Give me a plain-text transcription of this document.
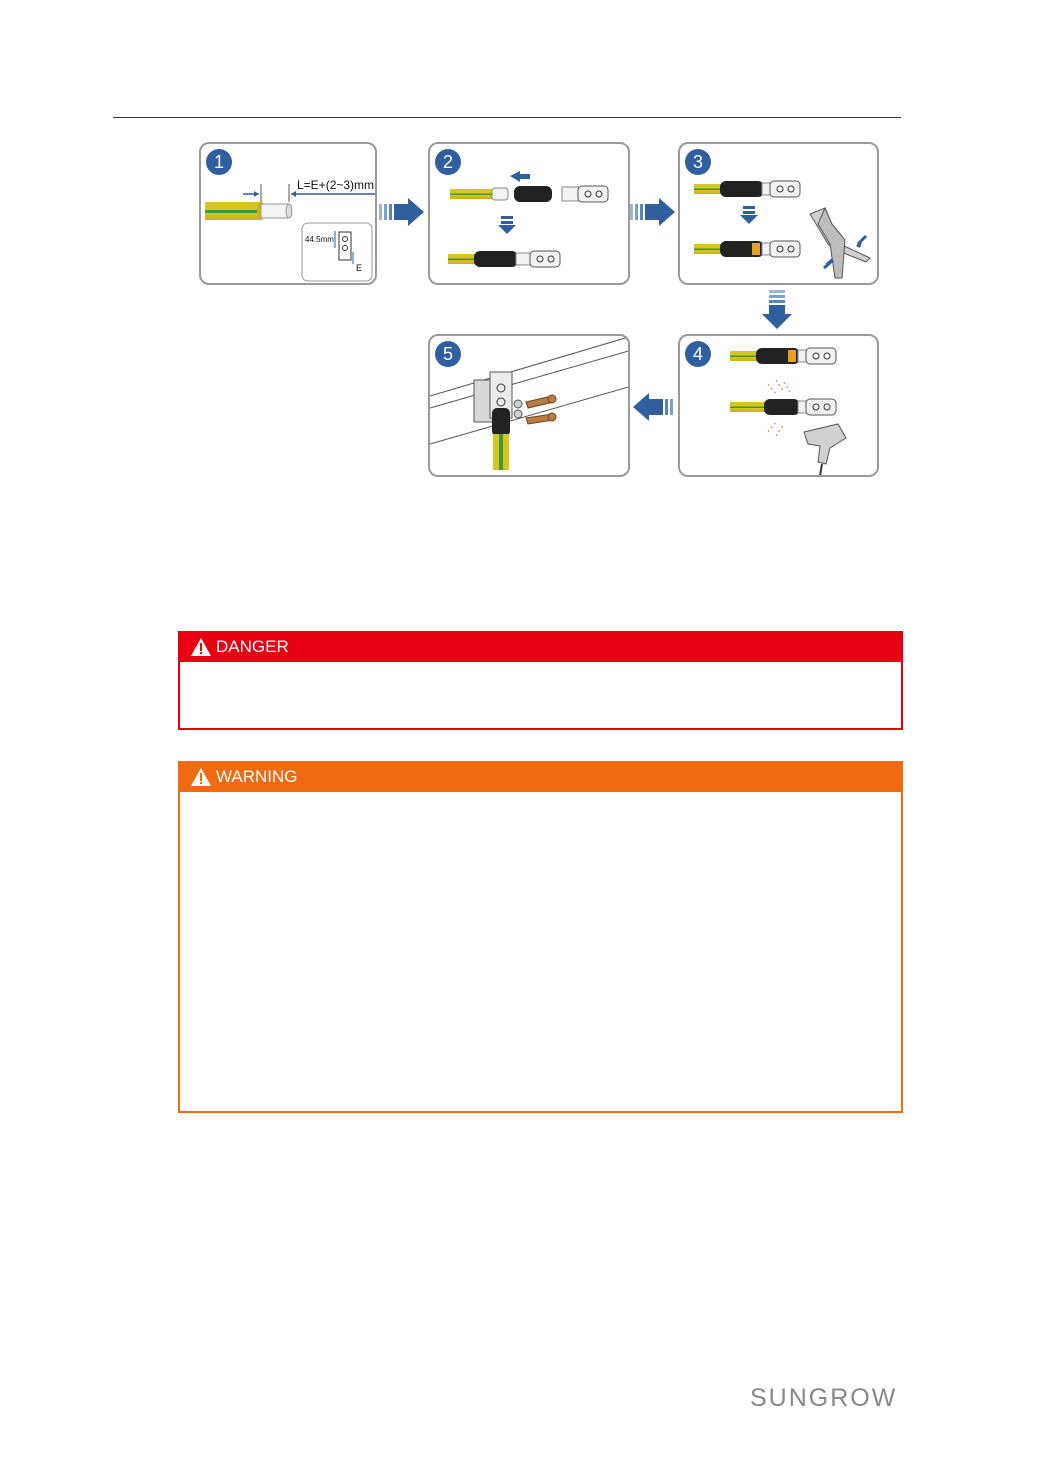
1
L=E+(2~3)mm
44.5mm
E
2	3
4
5
DANGER
WARNING
SUNGROW
